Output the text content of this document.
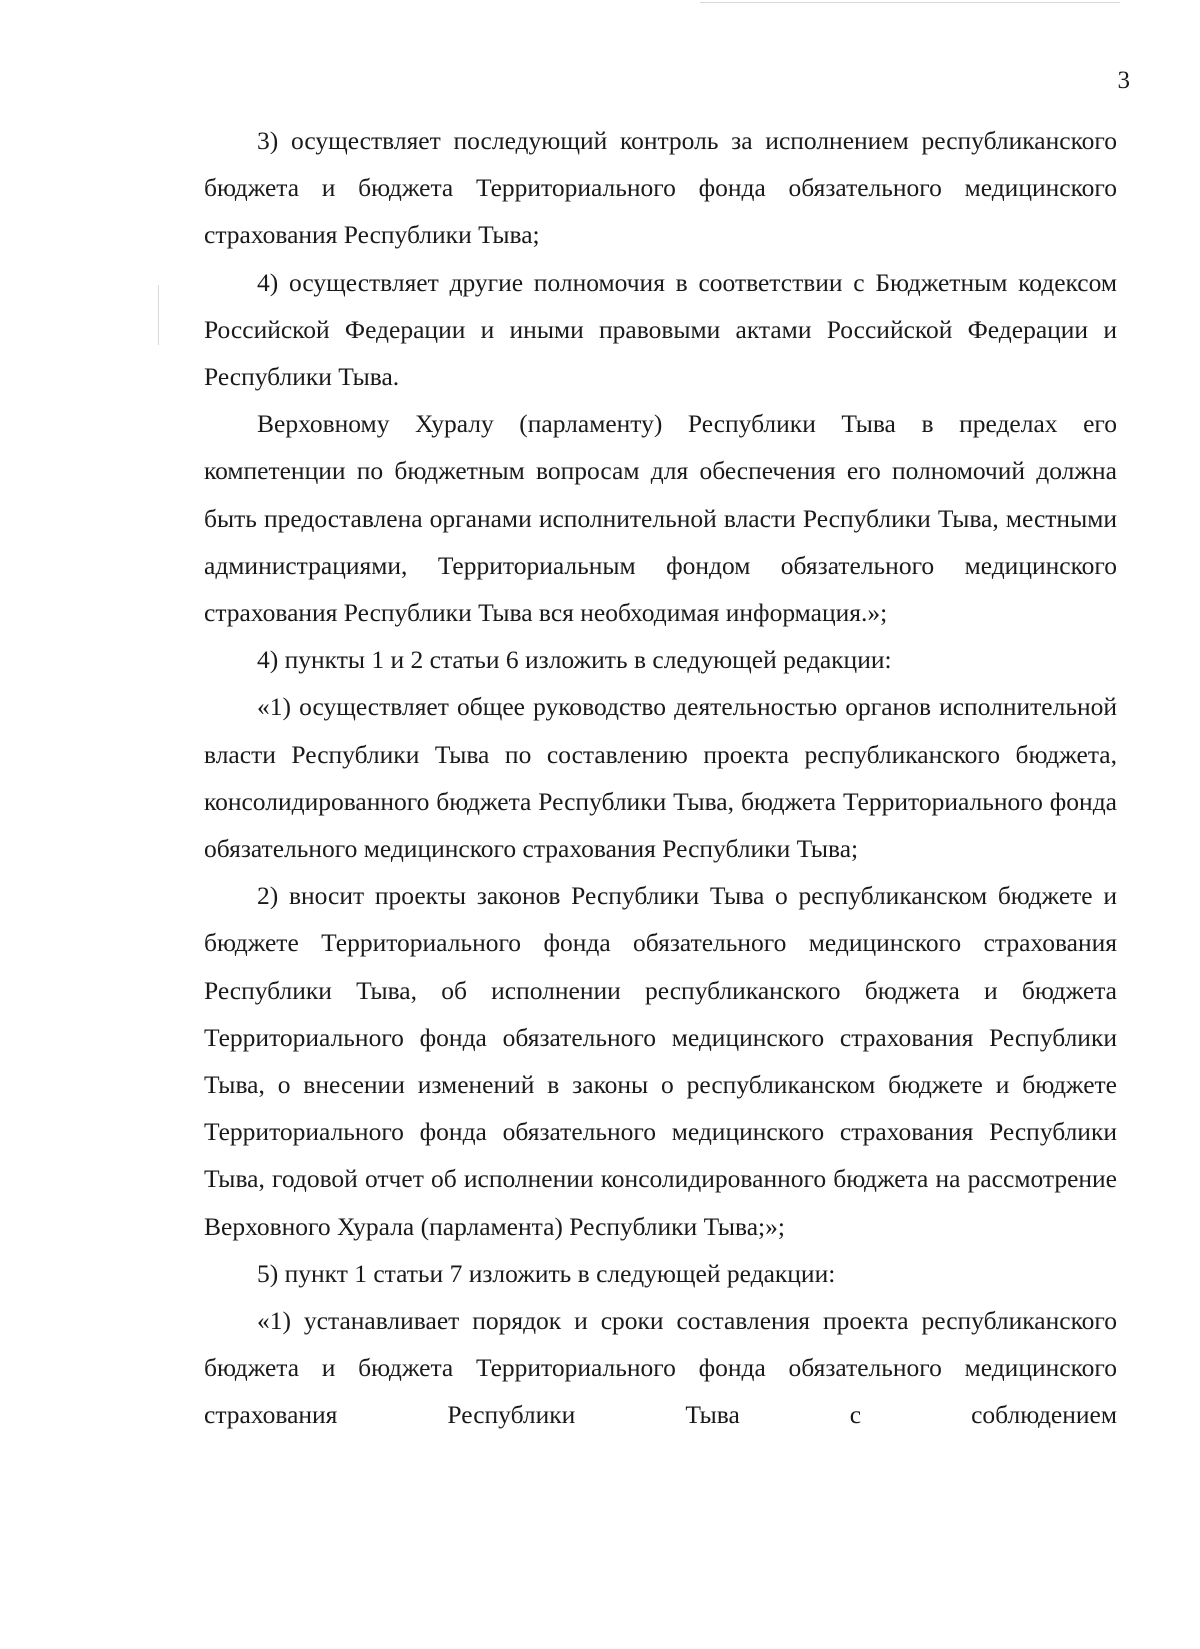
3

3) осуществляет последующий контроль за исполнением республиканского бюджета и бюджета Территориального фонда обязательного медицинского страхования Республики Тыва;

4) осуществляет другие полномочия в соответствии с Бюджетным кодексом Российской Федерации и иными правовыми актами Российской Федерации и Республики Тыва.

Верховному Хуралу (парламенту) Республики Тыва в пределах его компетенции по бюджетным вопросам для обеспечения его полномочий должна быть предоставлена органами исполнительной власти Республики Тыва, местными администрациями, Территориальным фондом обязательного медицинского страхования Республики Тыва вся необходимая информация.»;

4) пункты 1 и 2 статьи 6 изложить в следующей редакции:

«1) осуществляет общее руководство деятельностью органов исполнительной власти Республики Тыва по составлению проекта республиканского бюджета, консолидированного бюджета Республики Тыва, бюджета Территориального фонда обязательного медицинского страхования Республики Тыва;

2) вносит проекты законов Республики Тыва о республиканском бюджете и бюджете Территориального фонда обязательного медицинского страхования Республики Тыва, об исполнении республиканского бюджета и бюджета Территориального фонда обязательного медицинского страхования Республики Тыва, о внесении изменений в законы о республиканском бюджете и бюджете Территориального фонда обязательного медицинского страхования Республики Тыва, годовой отчет об исполнении консолидированного бюджета на рассмотрение Верховного Хурала (парламента) Республики Тыва;»;

5) пункт 1 статьи 7 изложить в следующей редакции:

«1) устанавливает порядок и сроки составления проекта республиканского бюджета и бюджета Территориального фонда обязательного медицинского страхования Республики Тыва с соблюдением
